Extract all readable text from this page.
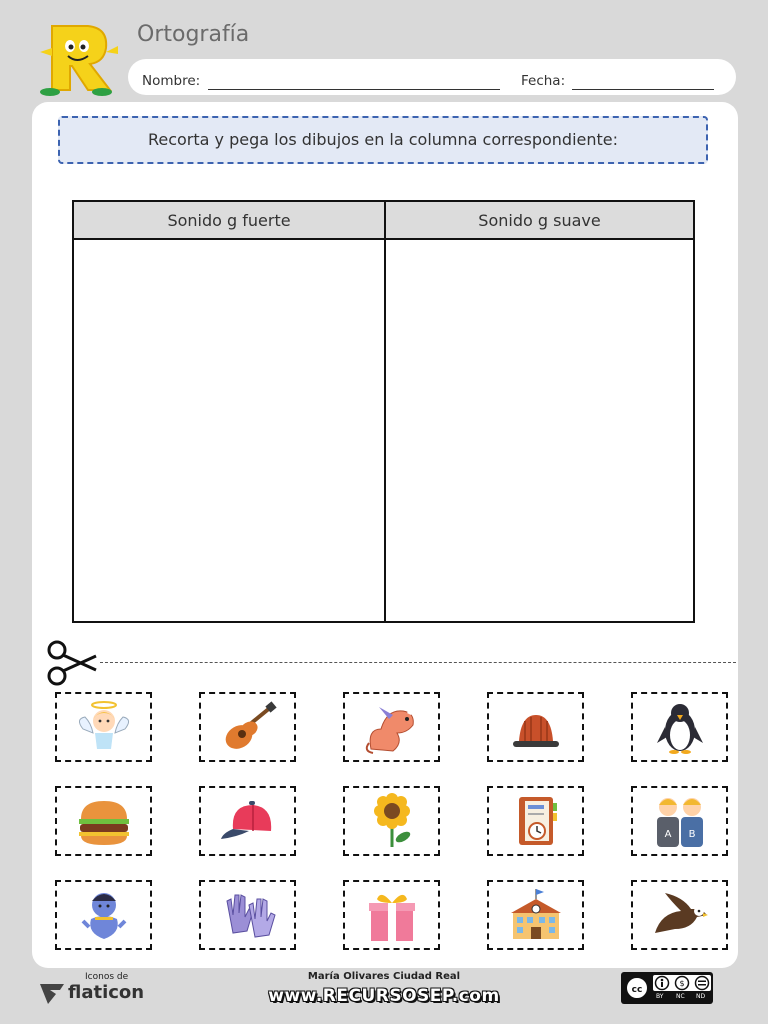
Ortografía
Nombre:	Fecha:
Recorta y pega los dibujos en la columna correspondiente:
Sonido g fuerte	Sonido g suave
A B
Iconos de
flaticon
María Olivares Ciudad Real
www.RECURSOSEP.com	cc
$
BY NC ND
